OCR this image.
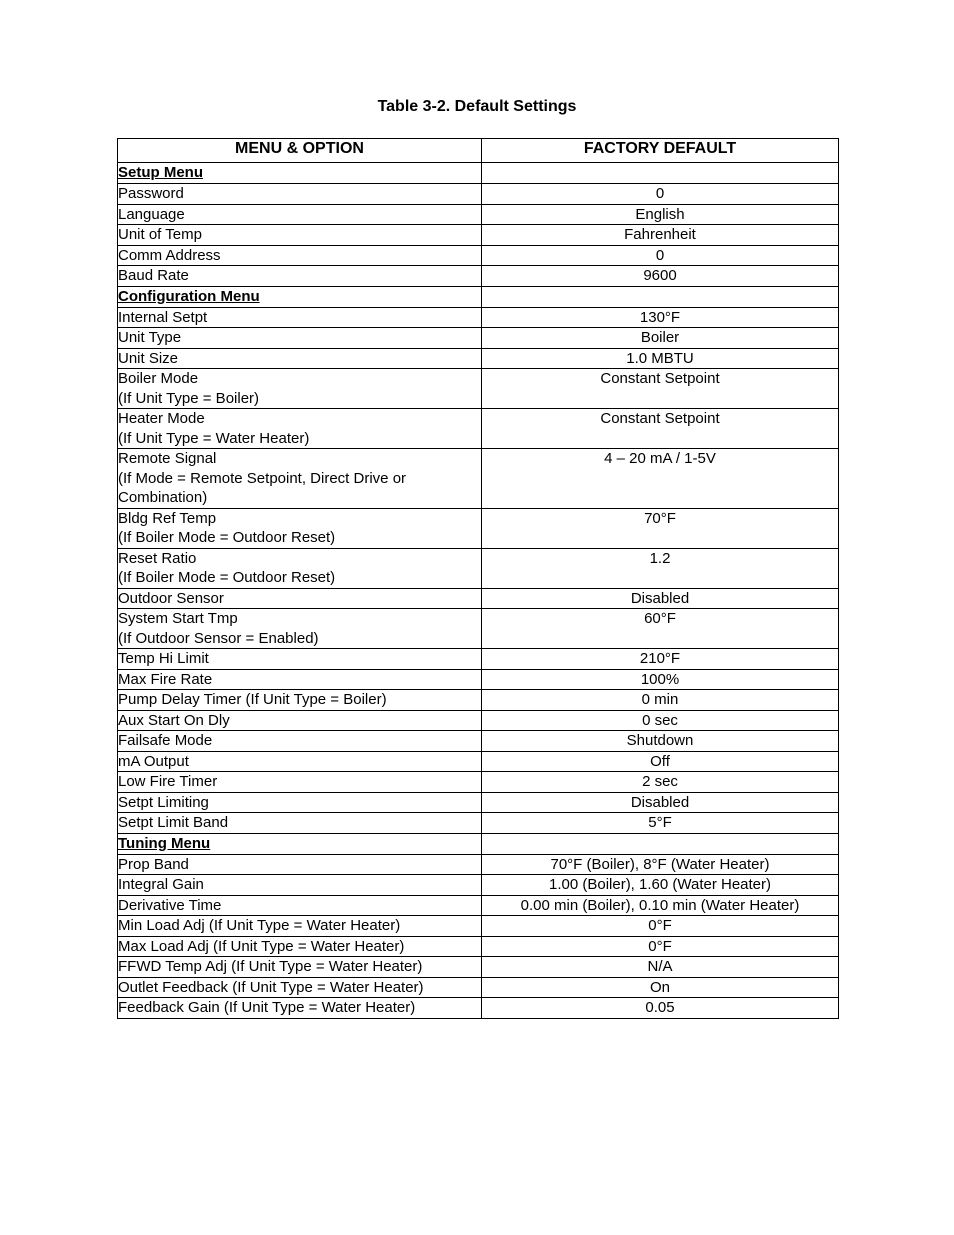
Table 3-2. Default Settings
MENU & OPTION	FACTORY DEFAULT
Setup Menu	
Password	0
Language	English
Unit of Temp	Fahrenheit
Comm Address	0
Baud Rate	9600
Configuration Menu	
Internal Setpt	130°F
Unit Type	Boiler
Unit Size	1.0 MBTU
Boiler Mode
(If Unit Type = Boiler)	Constant Setpoint
Heater Mode
(If Unit Type = Water Heater)	Constant Setpoint
Remote Signal
(If Mode = Remote Setpoint, Direct Drive or
Combination)	4 – 20 mA / 1-5V
Bldg Ref Temp
(If Boiler Mode = Outdoor Reset)	70°F
Reset Ratio
(If Boiler Mode = Outdoor Reset)	1.2
Outdoor Sensor	Disabled
System Start Tmp
(If Outdoor Sensor = Enabled)	60°F
Temp Hi Limit	210°F
Max Fire Rate	100%
Pump Delay Timer (If Unit Type = Boiler)	0 min
Aux Start On Dly	0 sec
Failsafe Mode	Shutdown
mA Output	Off
Low Fire Timer	2 sec
Setpt Limiting	Disabled
Setpt Limit Band	5°F
Tuning Menu	
Prop Band	70°F (Boiler), 8°F (Water Heater)
Integral Gain	1.00 (Boiler), 1.60 (Water Heater)
Derivative Time	0.00 min (Boiler), 0.10 min (Water Heater)
Min Load Adj (If Unit Type = Water Heater)	0°F
Max Load Adj (If Unit Type = Water Heater)	0°F
FFWD Temp Adj (If Unit Type = Water Heater)	N/A
Outlet Feedback (If Unit Type = Water Heater)	On
Feedback Gain (If Unit Type = Water Heater)	0.05
